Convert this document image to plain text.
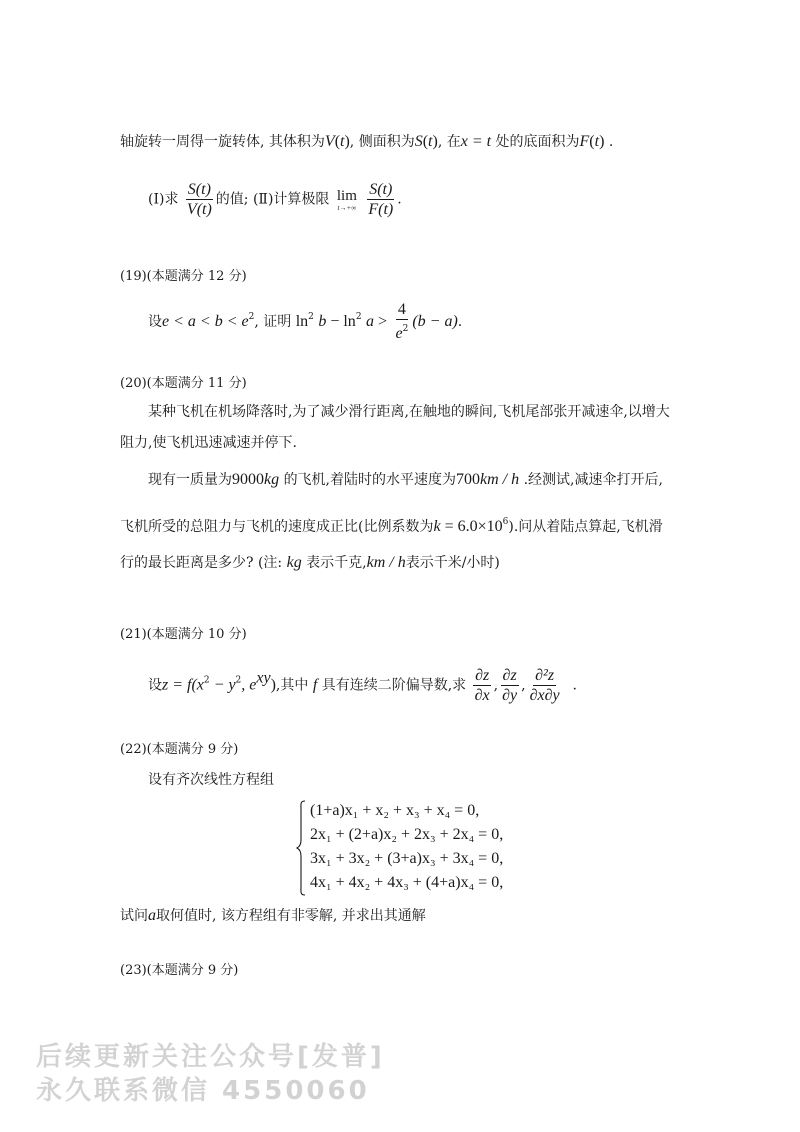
轴旋转一周得一旋转体, 其体积为V(t), 侧面积为S(t), 在x = t 处的底面积为F(t) .
(I)求 $\frac{S(t)}{V(t)}$ 的值; (Ⅱ)计算极限 lim
t→+∞
$\frac{S(t)}{F(t)}$ .
(19)(本题满分 12 分)
设$e < a < b < e^2$, 证明 $\ln^2 b - \ln^2 a > \frac{4}{e^2} (b - a)$.
(20)(本题满分 11 分)
某种飞机在机场降落时,为了减少滑行距离,在触地的瞬间,飞机尾部张开减速伞,以增大
阻力,使飞机迅速减速并停下.
现有一质量为9000kg 的飞机,着陆时的水平速度为700km / h .经测试,减速伞打开后,
飞机所受的总阻力与飞机的速度成正比(比例系数为$k = 6.0\times 10^6$).问从着陆点算起,飞机滑
行的最长距离是多少? (注: kg 表示千克,km / h表示千米/小时)
(21)(本题满分 10 分)
设$z = f(x^2 - y^2$, $e^{xy}$),其中 f 具有连续二阶偏导数,求 $\frac{\partial z}{\partial x}$ , $\frac{\partial z}{\partial y}$ , $\frac{\text{∂²z}}{\partial x\partial y}$ .
(22)(本题满分 9 分)
设有齐次线性方程组
(1+a)x₁ + x₂ + x₃ + x₄ = 0,
2x₁ + (2+a)x₂ + 2x₃ + 2x₄ = 0,
3x₁ + 3x₂ + (3+a)x₃ + 3x₄ = 0,
4x₁ + 4x₂ + 4x₃ + (4+a)x₄ = 0,
试问a取何值时, 该方程组有非零解, 并求出其通解
(23)(本题满分 9 分)
后续更新关注公众号[发普]
永久联系微信 4550060
